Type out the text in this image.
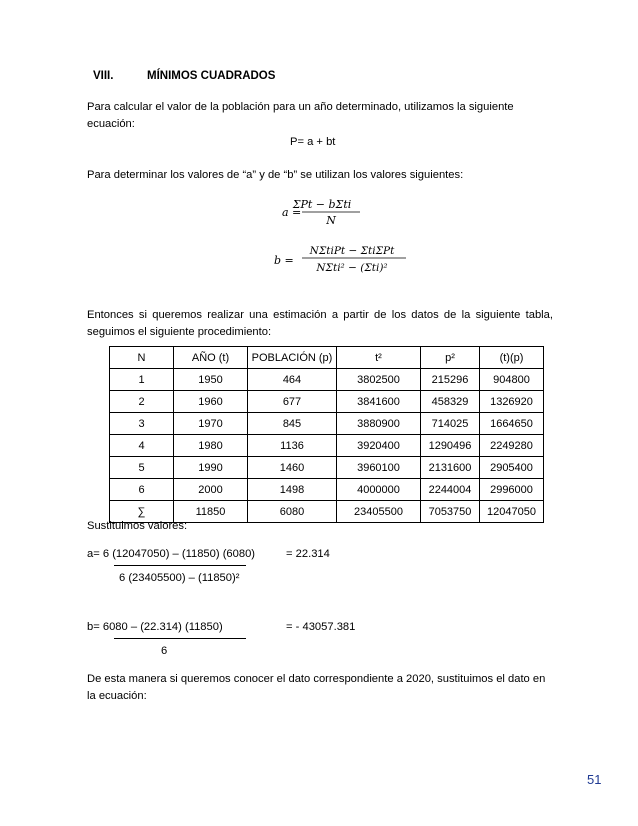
VIII.	MÍNIMOS CUADRADOS
Para calcular el valor de la población para un año determinado, utilizamos la siguiente ecuación:
P= a + bt
Para determinar los valores de “a” y de “b” se utilizan los valores siguientes:
a =
ΣPt − bΣti
N
b =
NΣtiPt − ΣtiΣPt
NΣti² − (Σti)²
Entonces si queremos realizar una estimación a partir de los datos de la siguiente tabla, seguimos el siguiente procedimiento:
N	AÑO (t)	POBLACIÓN (p)	t²	p²	(t)(p)
1	1950	464	3802500	215296	904800
2	1960	677	3841600	458329	1326920
3	1970	845	3880900	714025	1664650
4	1980	1136	3920400	1290496	2249280
5	1990	1460	3960100	2131600	2905400
6	2000	1498	4000000	2244004	2996000
∑	11850	6080	23405500	7053750	12047050
Sustituimos valores:
a= 6 (12047050) – (11850) (6080)	= 22.314
6 (23405500) – (11850)²
b= 6080 – (22.314) (11850)	= - 43057.381
6
De esta manera si queremos conocer el dato correspondiente a 2020, sustituimos el dato en la ecuación:
51
